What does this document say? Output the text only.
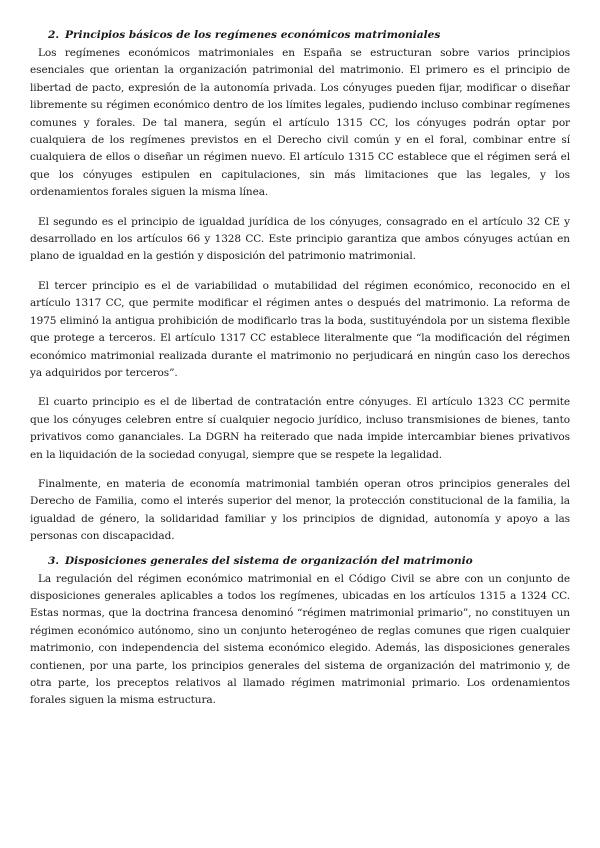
2. Principios básicos de los regímenes económicos matrimoniales

Los regímenes económicos matrimoniales en España se estructuran sobre varios principios esenciales que orientan la organización patrimonial del matrimonio. El primero es el principio de libertad de pacto, expresión de la autonomía privada. Los cónyuges pueden fijar, modificar o diseñar libremente su régimen económico dentro de los límites legales, pudiendo incluso combinar regímenes comunes y forales. De tal manera, según el artículo 1315 CC, los cónyuges podrán optar por cualquiera de los regímenes previstos en el Derecho civil común y en el foral, combinar entre sí cualquiera de ellos o diseñar un régimen nuevo. El artículo 1315 CC establece que el régimen será el que los cónyuges estipulen en capitulaciones, sin más limitaciones que las legales, y los ordenamientos forales siguen la misma línea.

El segundo es el principio de igualdad jurídica de los cónyuges, consagrado en el artículo 32 CE y desarrollado en los artículos 66 y 1328 CC. Este principio garantiza que ambos cónyuges actúan en plano de igualdad en la gestión y disposición del patrimonio matrimonial.

El tercer principio es el de variabilidad o mutabilidad del régimen económico, reconocido en el artículo 1317 CC, que permite modificar el régimen antes o después del matrimonio. La reforma de 1975 eliminó la antigua prohibición de modificarlo tras la boda, sustituyéndola por un sistema flexible que protege a terceros. El artículo 1317 CC establece literalmente que “la modificación del régimen económico matrimonial realizada durante el matrimonio no perjudicará en ningún caso los derechos ya adquiridos por terceros”.

El cuarto principio es el de libertad de contratación entre cónyuges. El artículo 1323 CC permite que los cónyuges celebren entre sí cualquier negocio jurídico, incluso transmisiones de bienes, tanto privativos como gananciales. La DGRN ha reiterado que nada impide intercambiar bienes privativos en la liquidación de la sociedad conyugal, siempre que se respete la legalidad.

Finalmente, en materia de economía matrimonial también operan otros principios generales del Derecho de Familia, como el interés superior del menor, la protección constitucional de la familia, la igualdad de género, la solidaridad familiar y los principios de dignidad, autonomía y apoyo a las personas con discapacidad.

3. Disposiciones generales del sistema de organización del matrimonio

La regulación del régimen económico matrimonial en el Código Civil se abre con un conjunto de disposiciones generales aplicables a todos los regímenes, ubicadas en los artículos 1315 a 1324 CC. Estas normas, que la doctrina francesa denominó “régimen matrimonial primario”, no constituyen un régimen económico autónomo, sino un conjunto heterogéneo de reglas comunes que rigen cualquier matrimonio, con independencia del sistema económico elegido. Además, las disposiciones generales contienen, por una parte, los principios generales del sistema de organización del matrimonio y, de otra parte, los preceptos relativos al llamado régimen matrimonial primario. Los ordenamientos forales siguen la misma estructura.
